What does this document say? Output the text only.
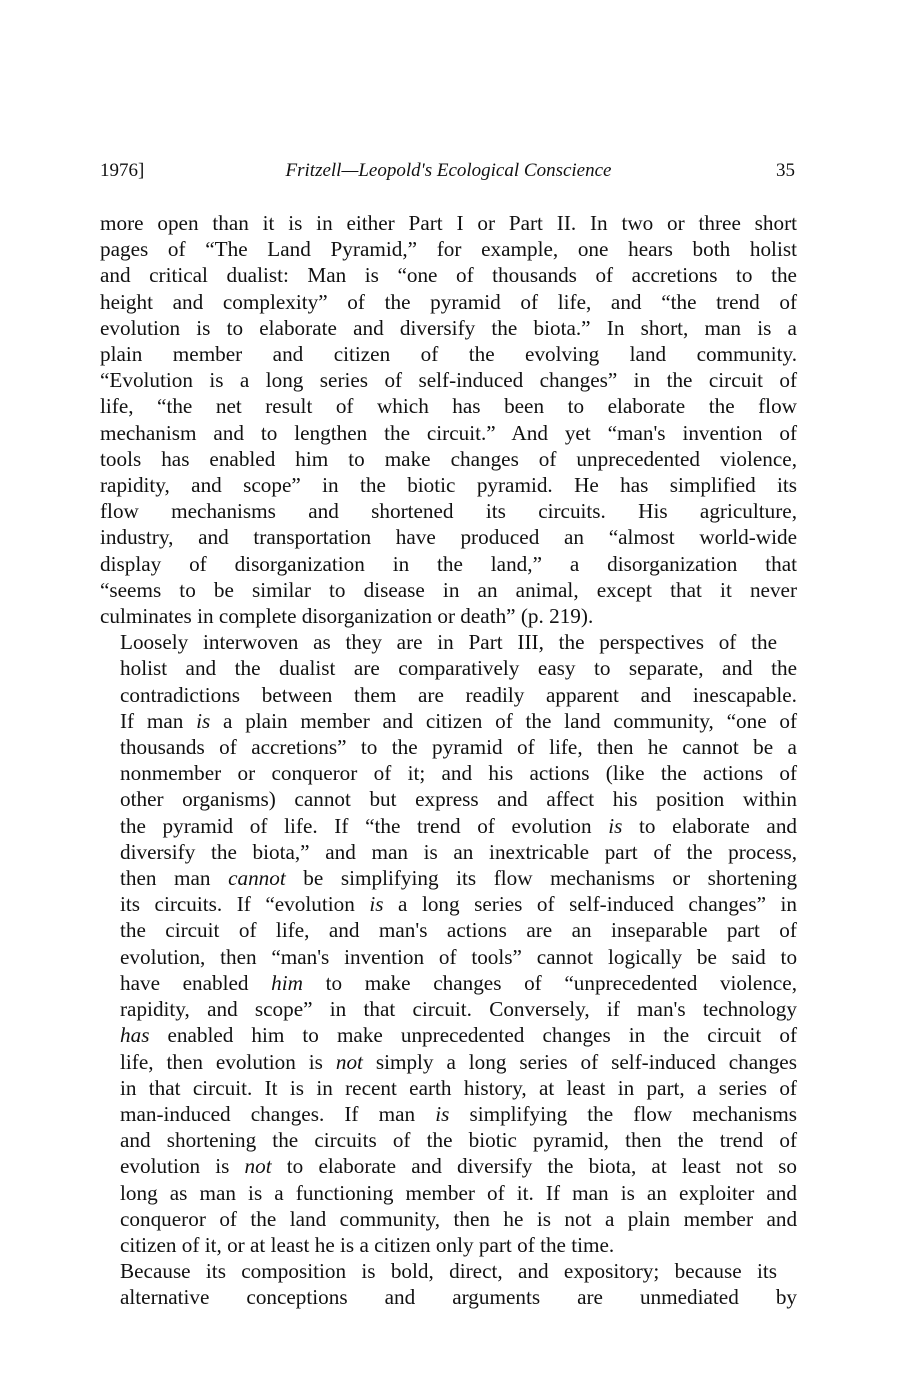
1976]	Fritzell—Leopold's Ecological Conscience	35
more open than it is in either Part I or Part II. In two or three short
pages of “The Land Pyramid,” for example, one hears both holist
and critical dualist: Man is “one of thousands of accretions to the
height and complexity” of the pyramid of life, and “the trend of
evolution is to elaborate and diversify the biota.” In short, man is a
plain member and citizen of the evolving land community.
“Evolution is a long series of self-induced changes” in the circuit of
life, “the net result of which has been to elaborate the flow
mechanism and to lengthen the circuit.” And yet “man's invention of
tools has enabled him to make changes of unprecedented violence,
rapidity, and scope” in the biotic pyramid. He has simplified its
flow mechanisms and shortened its circuits. His agriculture,
industry, and transportation have produced an “almost world-wide
display of disorganization in the land,” a disorganization that
“seems to be similar to disease in an animal, except that it never
culminates in complete disorganization or death” (p. 219).
Loosely interwoven as they are in Part III, the perspectives of the
holist and the dualist are comparatively easy to separate, and the
contradictions between them are readily apparent and inescapable.
If man is a plain member and citizen of the land community, “one of
thousands of accretions” to the pyramid of life, then he cannot be a
nonmember or conqueror of it; and his actions (like the actions of
other organisms) cannot but express and affect his position within
the pyramid of life. If “the trend of evolution is to elaborate and
diversify the biota,” and man is an inextricable part of the process,
then man cannot be simplifying its flow mechanisms or shortening
its circuits. If “evolution is a long series of self-induced changes” in
the circuit of life, and man's actions are an inseparable part of
evolution, then “man's invention of tools” cannot logically be said to
have enabled him to make changes of “unprecedented violence,
rapidity, and scope” in that circuit. Conversely, if man's technology
has enabled him to make unprecedented changes in the circuit of
life, then evolution is not simply a long series of self-induced changes
in that circuit. It is in recent earth history, at least in part, a series of
man-induced changes. If man is simplifying the flow mechanisms
and shortening the circuits of the biotic pyramid, then the trend of
evolution is not to elaborate and diversify the biota, at least not so
long as man is a functioning member of it. If man is an exploiter and
conqueror of the land community, then he is not a plain member and
citizen of it, or at least he is a citizen only part of the time.
Because its composition is bold, direct, and expository; because its
alternative conceptions and arguments are unmediated by
